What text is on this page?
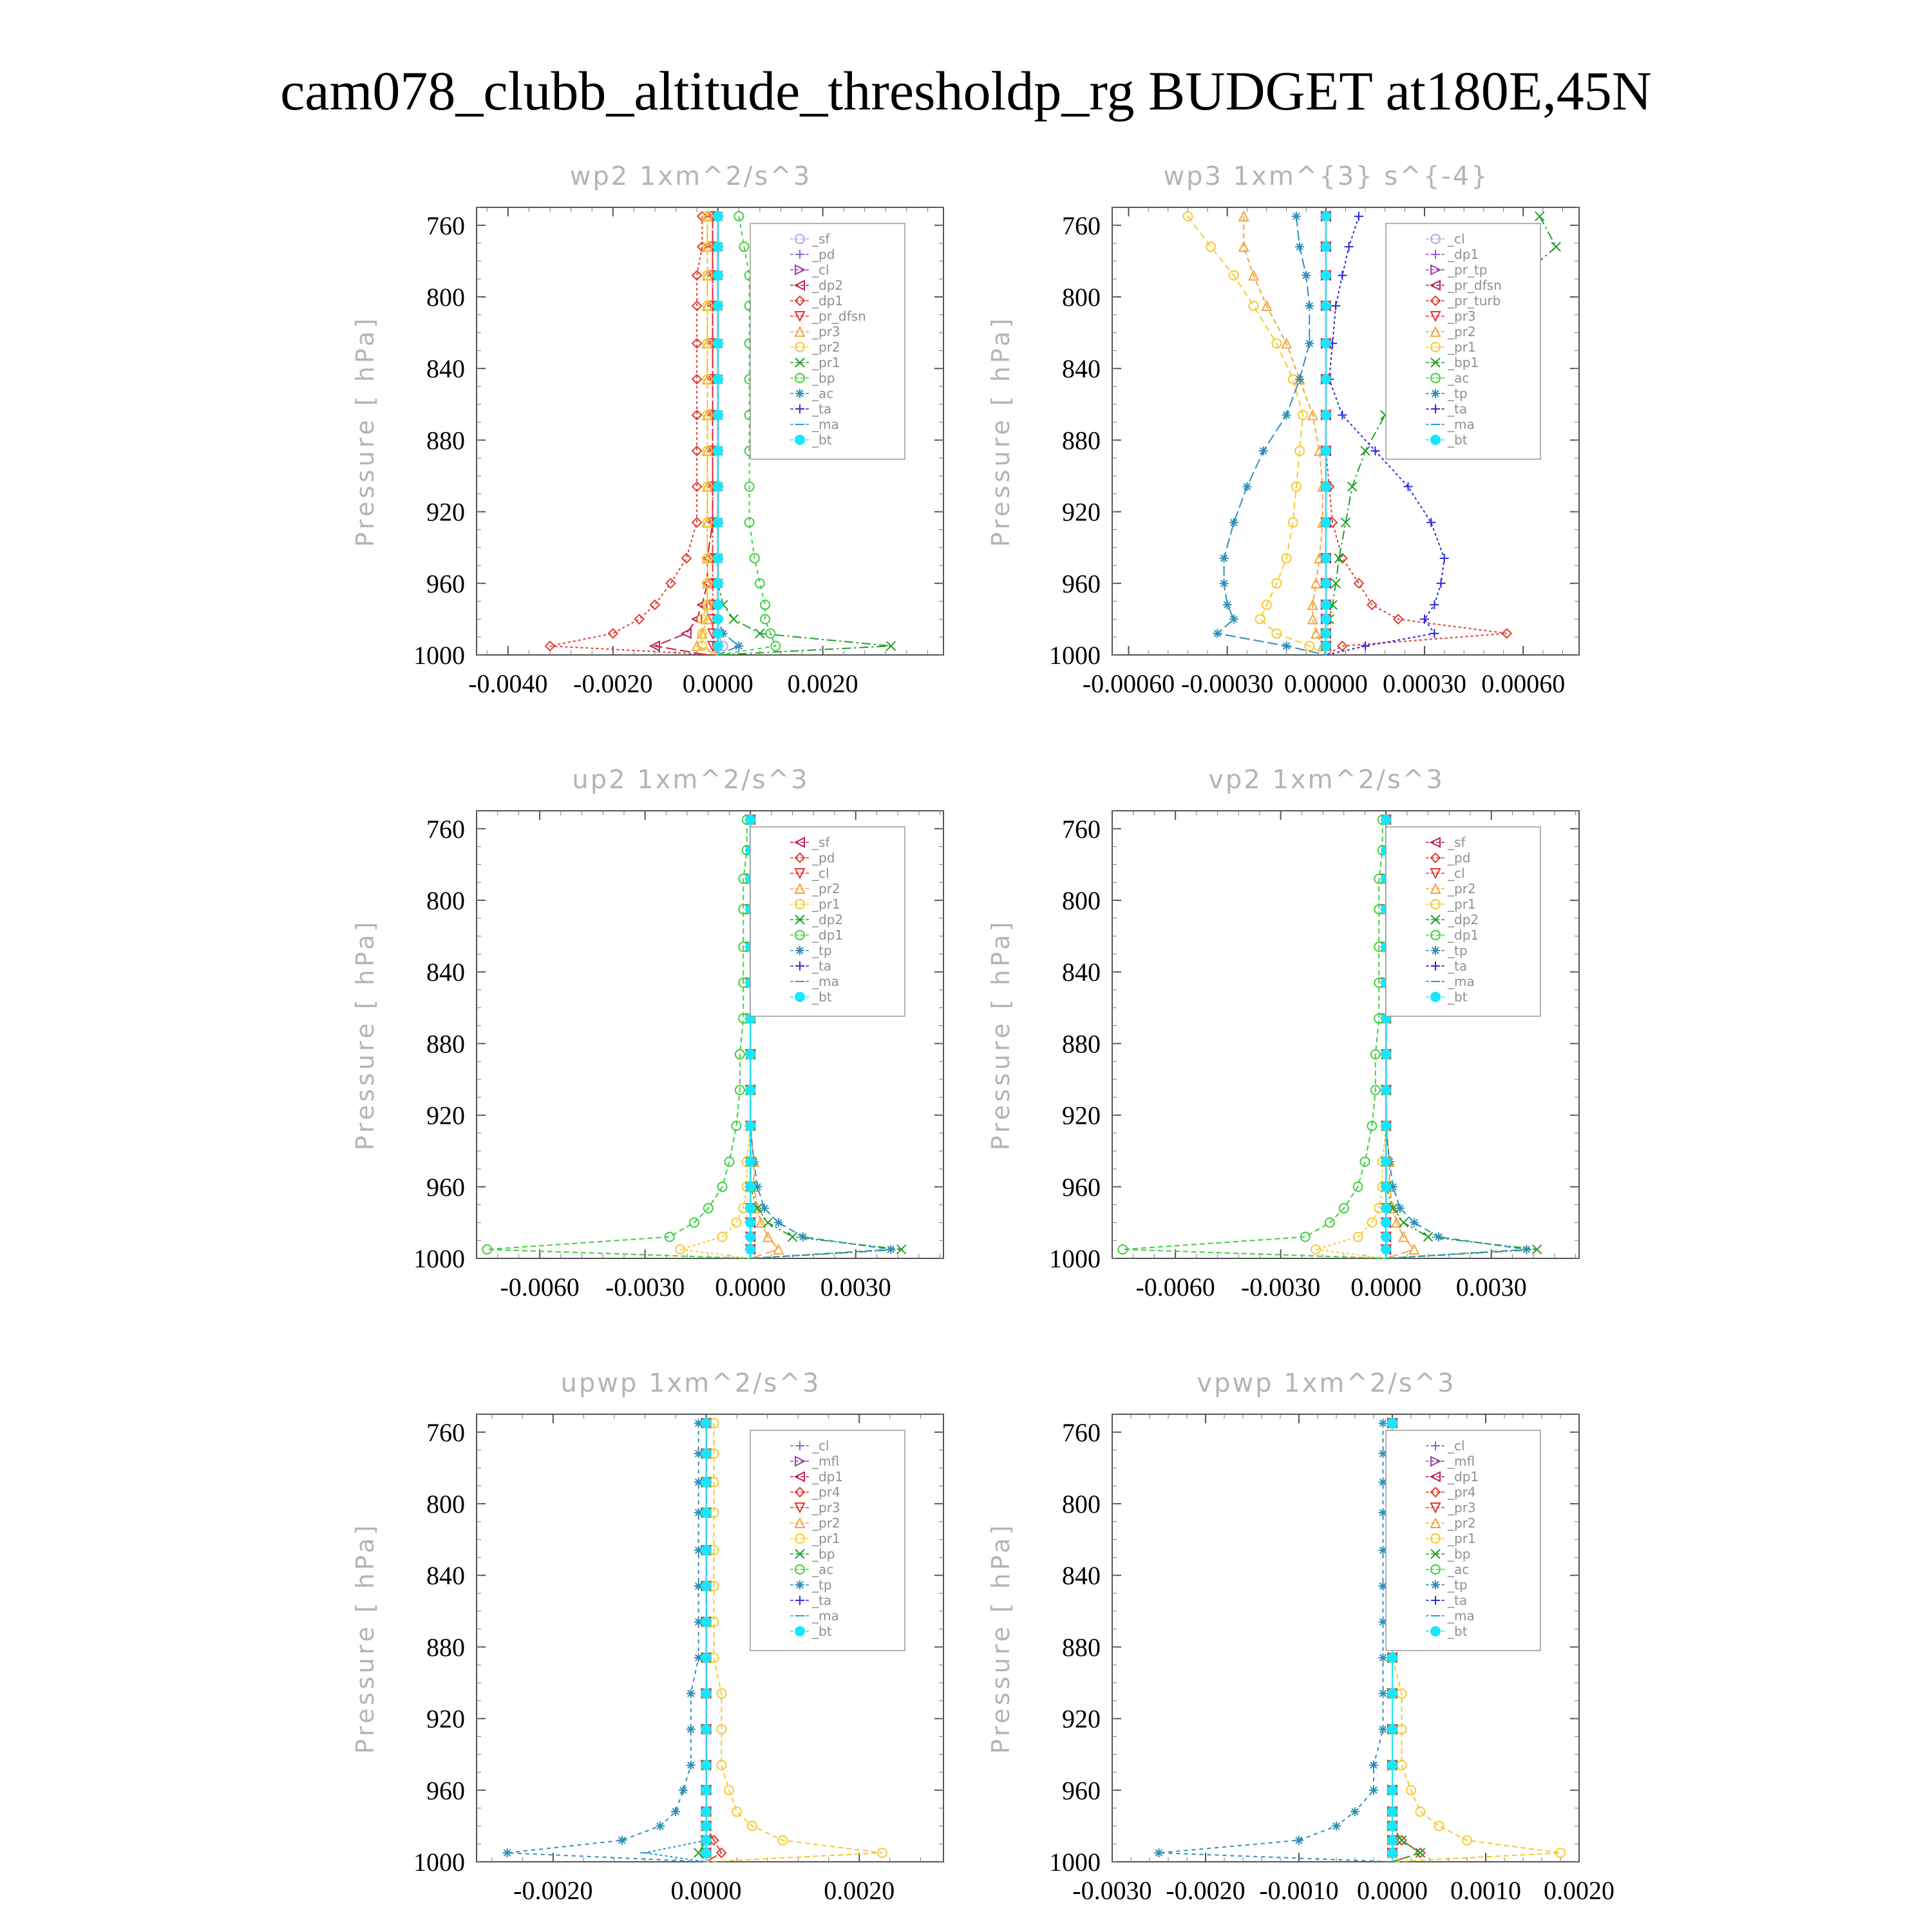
cam078_clubb_altitude_thresholdp_rg BUDGET at180E,45N
wp2 1xm^2/s^3
Pressure [ hPa]
760
800
840
880
920
960
1000
-0.0040 -0.0020 0.0000 0.0020
_sf
_pd
_cl
_dp2
_dp1
_pr_dfsn
_pr3
_pr2
_pr1
_bp
_ac
_ta
_ma
_bt
wp3 1xm^{3} s^{-4}
Pressure [ hPa]
760
800
840
880
920
960
1000
-0.00060 -0.00030 0.00000 0.00030 0.00060
_cl
_dp1
_pr_tp
_pr_dfsn
_pr_turb
_pr3
_pr2
_pr1
_bp1
_ac
_tp
_ta
_ma
_bt
up2 1xm^2/s^3
Pressure [ hPa]
760
800
840
880
920
960
1000
-0.0060 -0.0030 0.0000 0.0030
_sf
_pd
_cl
_pr2
_pr1
_dp2
_dp1
_tp
_ta
_ma
_bt
vp2 1xm^2/s^3
Pressure [ hPa]
760
800
840
880
920
960
1000
-0.0060 -0.0030 0.0000 0.0030
_sf
_pd
_cl
_pr2
_pr1
_dp2
_dp1
_tp
_ta
_ma
_bt
upwp 1xm^2/s^3
Pressure [ hPa]
760
800
840
880
920
960
1000
-0.0020	0.0000	0.0020
_cl
_mfl
_dp1
_pr4
_pr3
_pr2
_pr1
_bp
_ac
_tp
_ta
_ma
_bt
vpwp 1xm^2/s^3
Pressure [ hPa]
760
800
840
880
920
960
1000
-0.0030 -0.0020 -0.0010 0.0000 0.0010 0.0020
_cl
_mfl
_dp1
_pr4
_pr3
_pr2
_pr1
_bp
_ac
_tp
_ta
_ma
_bt
